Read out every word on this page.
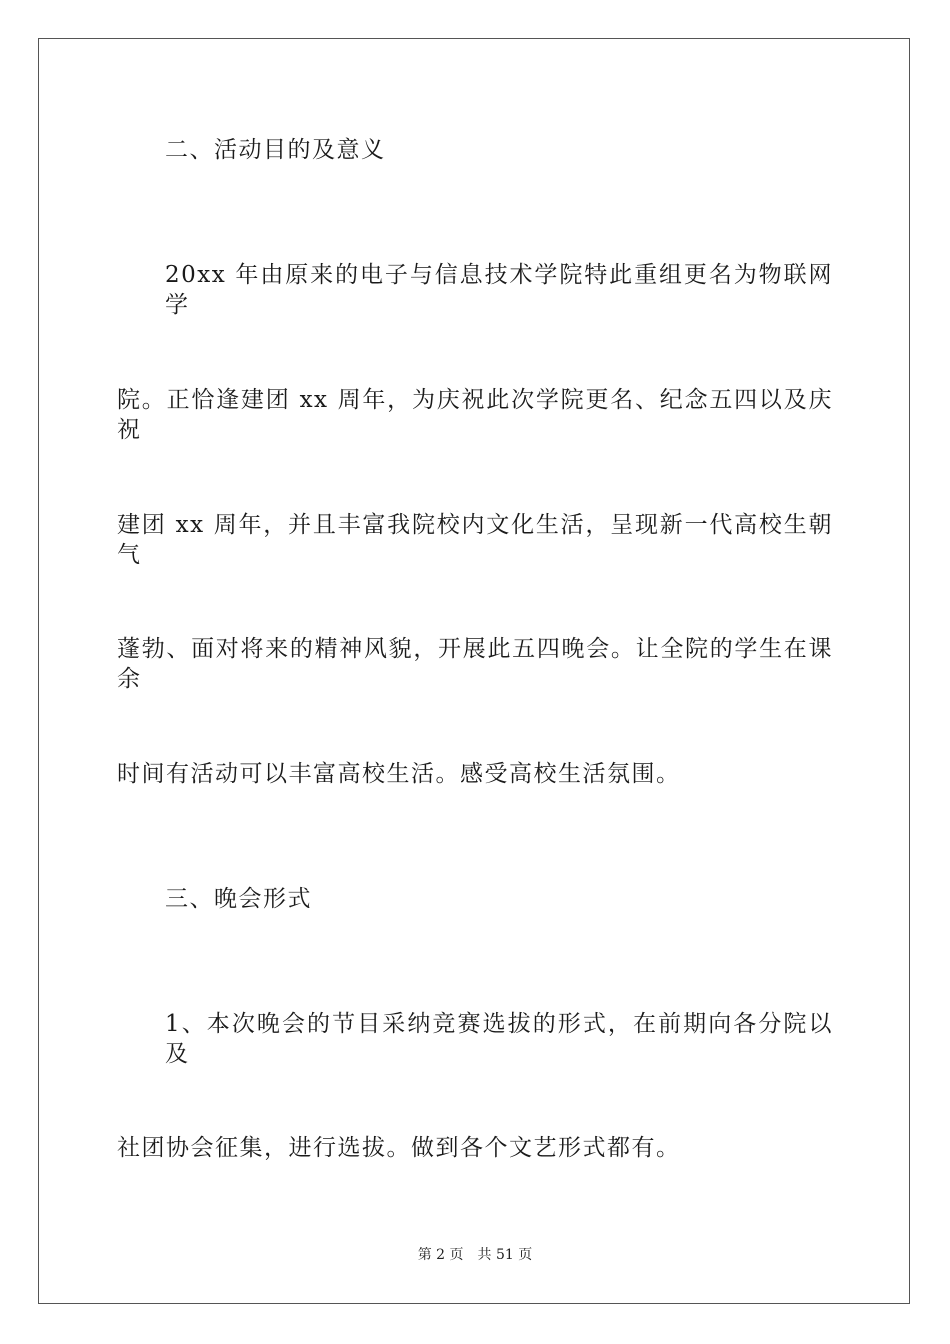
二、活动目的及意义
20xx 年由原来的电子与信息技术学院特此重组更名为物联网学
院。正恰逢建团 xx 周年，为庆祝此次学院更名、纪念五四以及庆祝
建团 xx 周年，并且丰富我院校内文化生活，呈现新一代高校生朝气
蓬勃、面对将来的精神风貌，开展此五四晚会。让全院的学生在课余
时间有活动可以丰富高校生活。感受高校生活氛围。
三、晚会形式
1、本次晚会的节目采纳竞赛选拔的形式，在前期向各分院以及
社团协会征集，进行选拔。做到各个文艺形式都有。
第 2 页 共 51 页
